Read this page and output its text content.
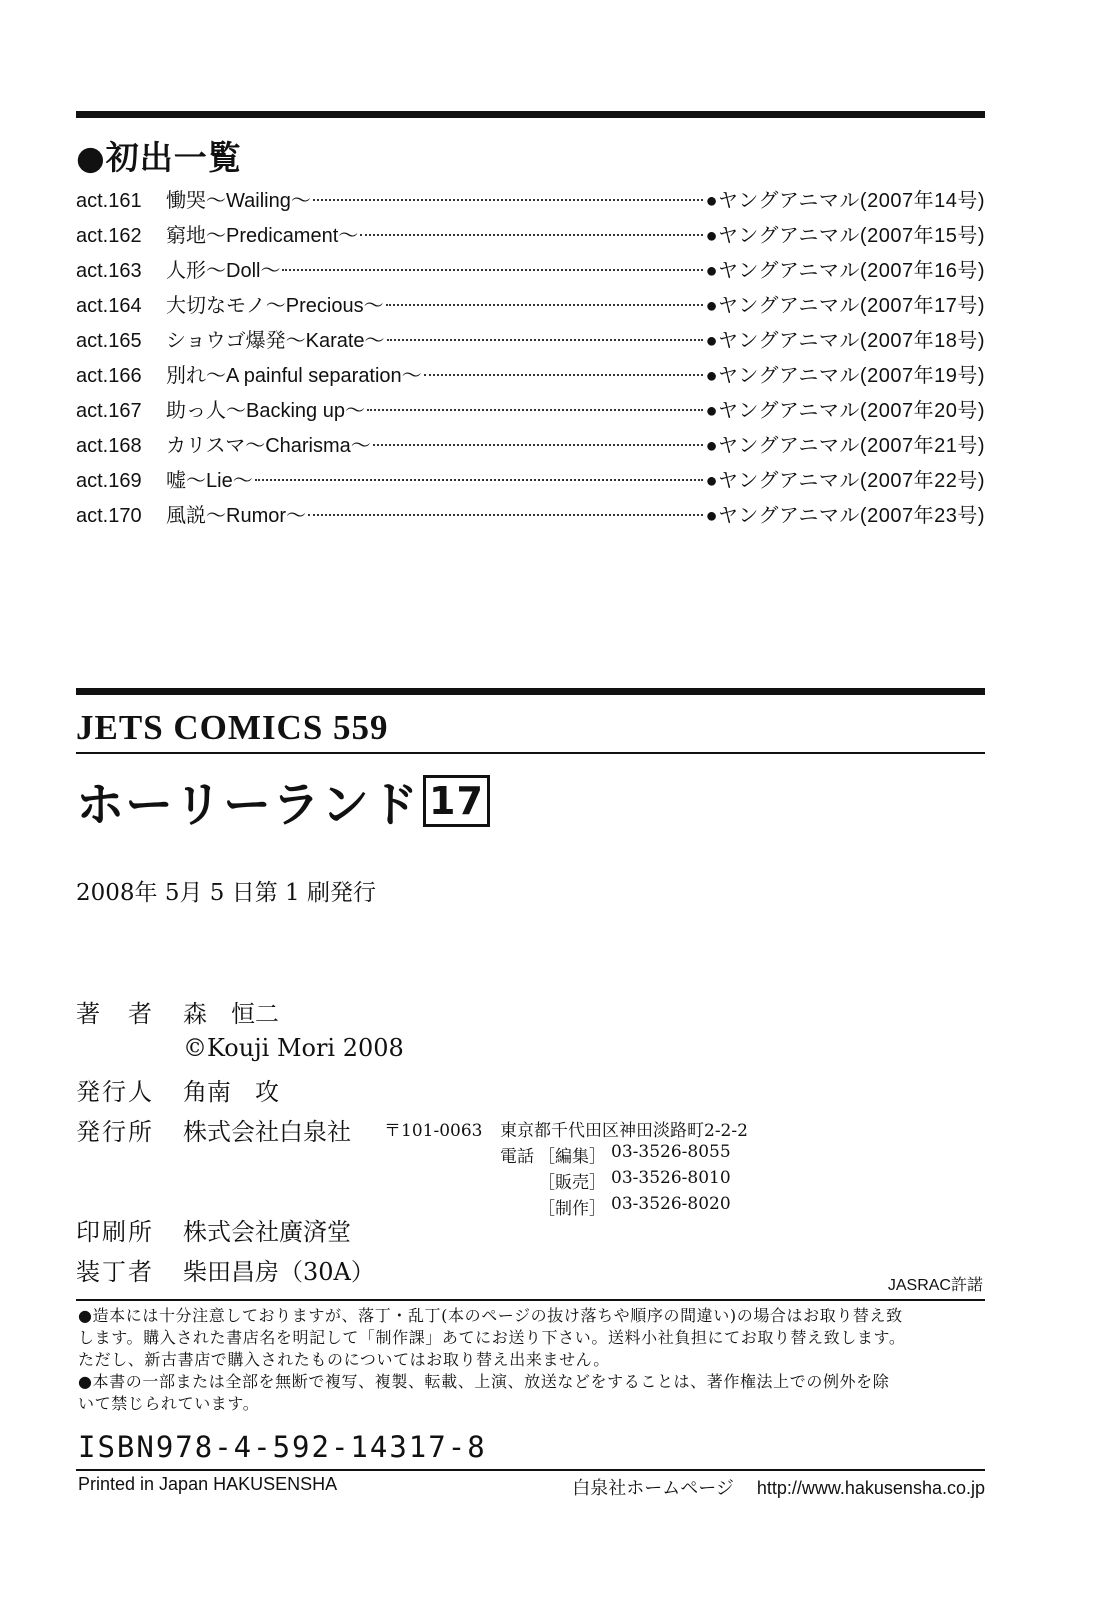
●初出一覧
act.161	慟哭〜Wailing〜	●ヤングアニマル(2007年14号)
act.162	窮地〜Predicament〜	●ヤングアニマル(2007年15号)
act.163	人形〜Doll〜	●ヤングアニマル(2007年16号)
act.164	大切なモノ〜Precious〜	●ヤングアニマル(2007年17号)
act.165	ショウゴ爆発〜Karate〜	●ヤングアニマル(2007年18号)
act.166	別れ〜A painful separation〜	●ヤングアニマル(2007年19号)
act.167	助っ人〜Backing up〜	●ヤングアニマル(2007年20号)
act.168	カリスマ〜Charisma〜	●ヤングアニマル(2007年21号)
act.169	嘘〜Lie〜	●ヤングアニマル(2007年22号)
act.170	風説〜Rumor〜	●ヤングアニマル(2007年23号)
JETS COMICS 559
ホーリーランド 17
2008年 5月 5 日第 1 刷発行
著　者 森　恒二
©Kouji Mori 2008
発行人 角南　攻
発行所 株式会社白泉社 〒101-0063 東京都千代田区神田淡路町2-2-2
電話 ［編集］ 03-3526-8055
［販売］ 03-3526-8010
［制作］ 03-3526-8020
印刷所 株式会社廣済堂
装丁者 柴田昌房（30A）	JASRAC許諾

●造本には十分注意しておりますが、落丁・乱丁(本のページの抜け落ちや順序の間違い)の場合はお取り替え致

します。購入された書店名を明記して「制作課」あてにお送り下さい。送料小社負担にてお取り替え致します。

ただし、新古書店で購入されたものについてはお取り替え出来ません。

●本書の一部または全部を無断で複写、複製、転載、上演、放送などをすることは、著作権法上での例外を除

いて禁じられています。

ISBN978-4-592-14317-8
Printed in Japan HAKUSENSHA	白泉社ホームページ http://www.hakusensha.co.jp
